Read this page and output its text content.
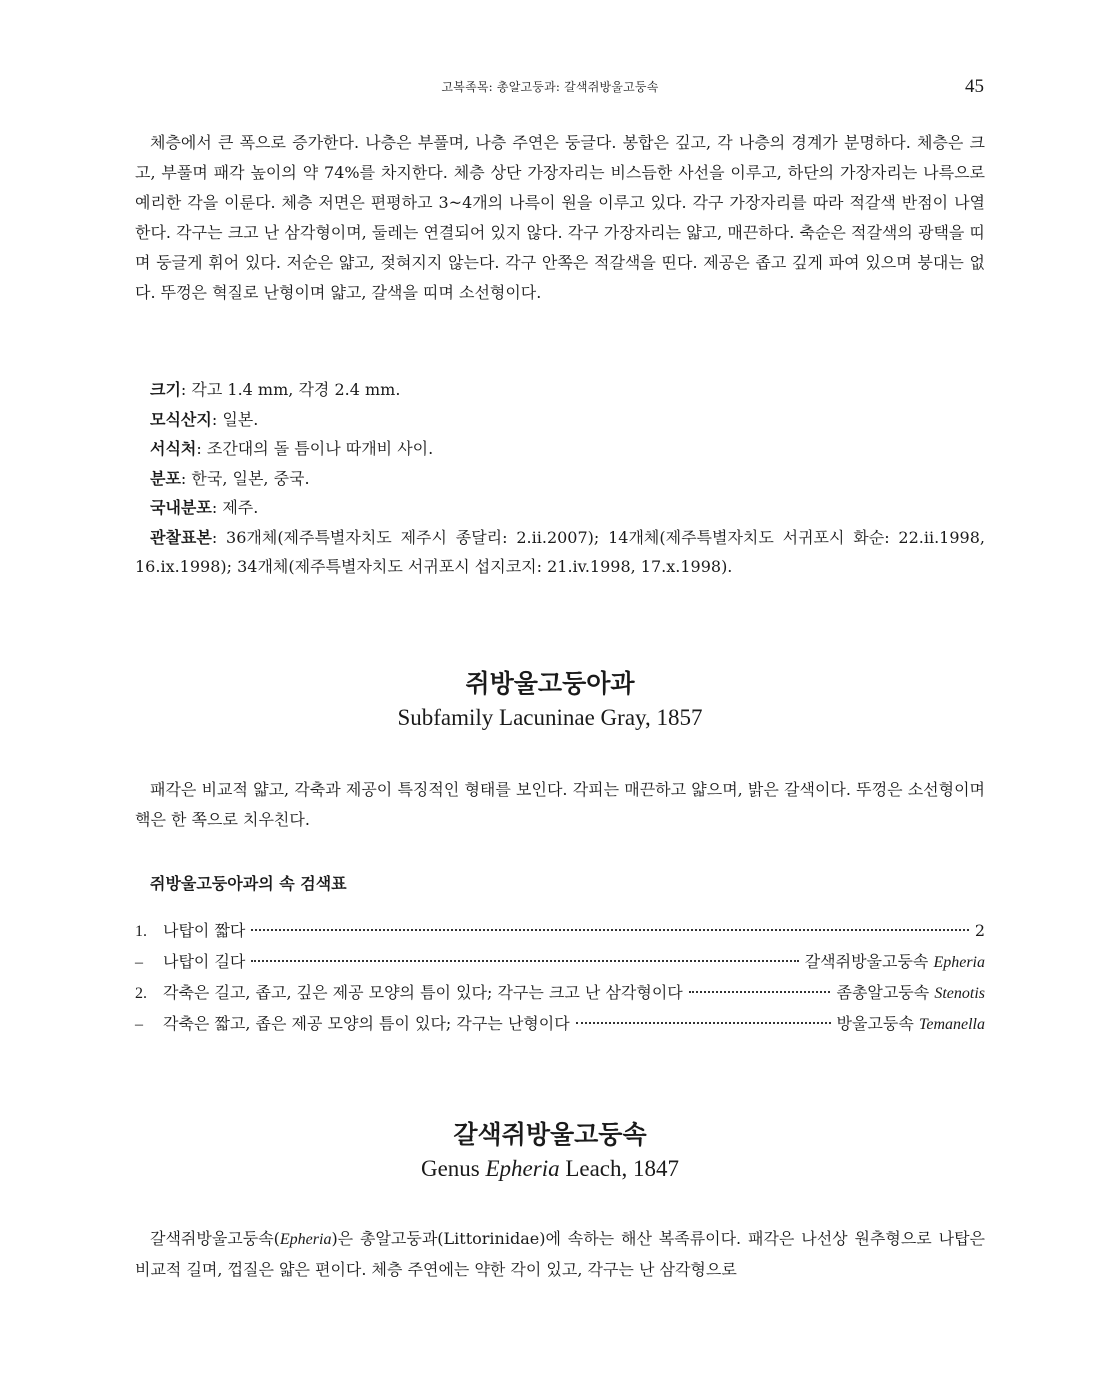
고복족목: 총알고둥과: 갈색쥐방울고둥속	45

체층에서 큰 폭으로 증가한다. 나층은 부풀며, 나층 주연은 둥글다. 봉합은 깊고, 각 나층의 경계가 분명하다. 체층은 크고, 부풀며 패각 높이의 약 74%를 차지한다. 체층 상단 가장자리는 비스듬한 사선을 이루고, 하단의 가장자리는 나륵으로 예리한 각을 이룬다. 체층 저면은 편평하고 3~4개의 나륵이 원을 이루고 있다. 각구 가장자리를 따라 적갈색 반점이 나열한다. 각구는 크고 난 삼각형이며, 둘레는 연결되어 있지 않다. 각구 가장자리는 얇고, 매끈하다. 축순은 적갈색의 광택을 띠며 둥글게 휘어 있다. 저순은 얇고, 젖혀지지 않는다. 각구 안쪽은 적갈색을 띤다. 제공은 좁고 깊게 파여 있으며 붕대는 없다. 뚜껑은 혁질로 난형이며 얇고, 갈색을 띠며 소선형이다.

크기: 각고 1.4 mm, 각경 2.4 mm.
모식산지: 일본.
서식처: 조간대의 돌 틈이나 따개비 사이.
분포: 한국, 일본, 중국.
국내분포: 제주.
관찰표본: 36개체(제주특별자치도 제주시 종달리: 2.ii.2007); 14개체(제주특별자치도 서귀포시 화순: 22.ii.1998, 16.ix.1998); 34개체(제주특별자치도 서귀포시 섭지코지: 21.iv.1998, 17.x.1998).
쥐방울고둥아과
Subfamily Lacuninae Gray, 1857

패각은 비교적 얇고, 각축과 제공이 특징적인 형태를 보인다. 각피는 매끈하고 얇으며, 밝은 갈색이다. 뚜껑은 소선형이며 핵은 한 쪽으로 치우친다.

쥐방울고둥아과의 속 검색표
1.	나탑이 짧다	2
–	나탑이 길다	갈색쥐방울고둥속 Epheria
2.	각축은 길고, 좁고, 깊은 제공 모양의 틈이 있다; 각구는 크고 난 삼각형이다	좀총알고둥속 Stenotis
–	각축은 짧고, 좁은 제공 모양의 틈이 있다; 각구는 난형이다	방울고둥속 Temanella
갈색쥐방울고둥속
Genus Epheria Leach, 1847

갈색쥐방울고둥속(Epheria)은 총알고둥과(Littorinidae)에 속하는 해산 복족류이다. 패각은 나선상 원추형으로 나탑은 비교적 길며, 껍질은 얇은 편이다. 체층 주연에는 약한 각이 있고, 각구는 난 삼각형으로
